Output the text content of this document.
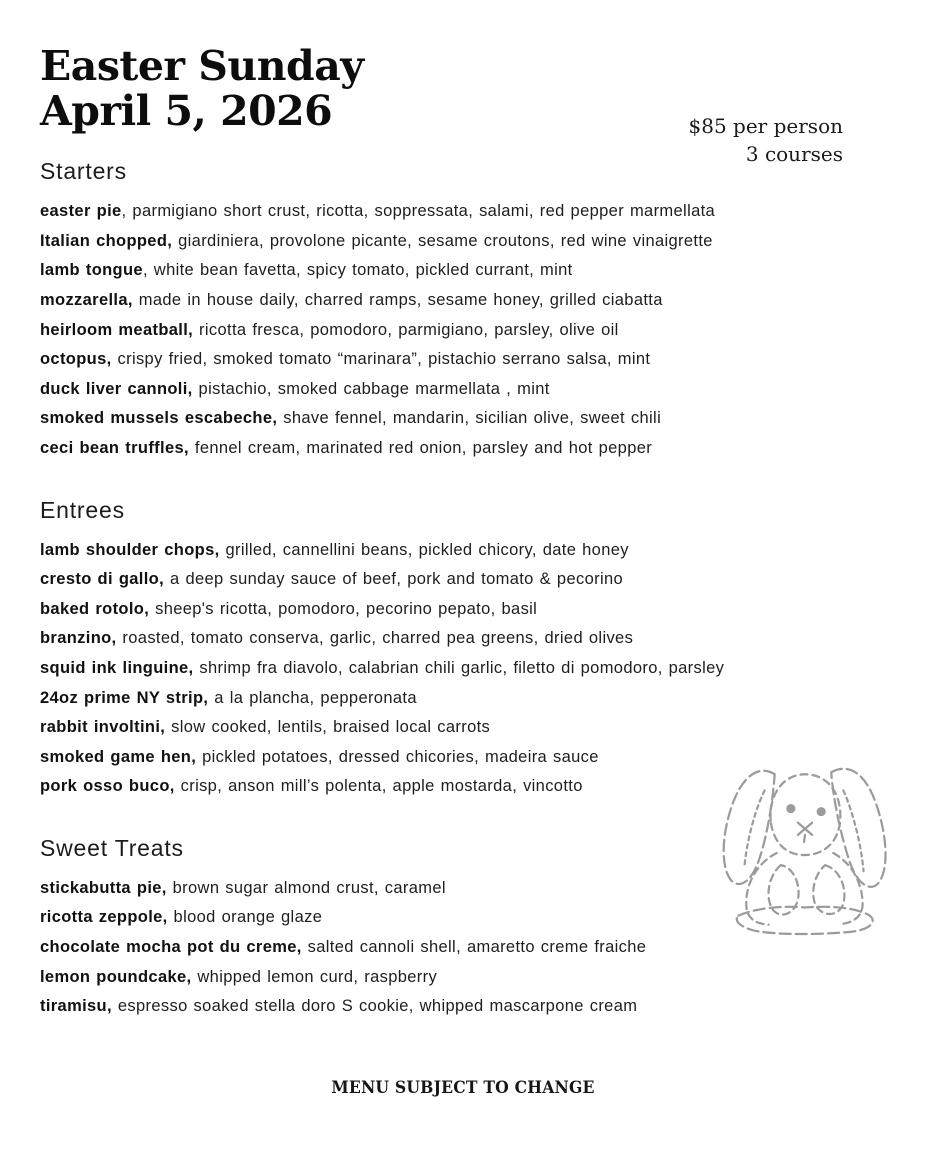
Easter Sunday
April 5, 2026	$85 per person
3 courses
Starters
easter pie, parmigiano short crust, ricotta, soppressata, salami, red pepper marmellata
Italian chopped, giardiniera, provolone picante, sesame croutons, red wine vinaigrette
lamb tongue, white bean favetta, spicy tomato, pickled currant, mint
mozzarella, made in house daily, charred ramps, sesame honey, grilled ciabatta
heirloom meatball, ricotta fresca, pomodoro, parmigiano, parsley, olive oil
octopus, crispy fried, smoked tomato “marinara”, pistachio serrano salsa, mint
duck liver cannoli, pistachio, smoked cabbage marmellata , mint
smoked mussels escabeche, shave fennel, mandarin, sicilian olive, sweet chili
ceci bean truffles, fennel cream, marinated red onion, parsley and hot pepper
Entrees
lamb shoulder chops, grilled, cannellini beans, pickled chicory, date honey
cresto di gallo, a deep sunday sauce of beef, pork and tomato & pecorino
baked rotolo, sheep's ricotta, pomodoro, pecorino pepato, basil
branzino, roasted, tomato conserva, garlic, charred pea greens, dried olives
squid ink linguine, shrimp fra diavolo, calabrian chili garlic, filetto di pomodoro, parsley
24oz prime NY strip, a la plancha, pepperonata
rabbit involtini, slow cooked, lentils, braised local carrots
smoked game hen, pickled potatoes, dressed chicories, madeira sauce
pork osso buco, crisp, anson mill’s polenta, apple mostarda, vincotto
Sweet Treats
stickabutta pie, brown sugar almond crust, caramel
ricotta zeppole, blood orange glaze
chocolate mocha pot du creme, salted cannoli shell, amaretto creme fraiche
lemon poundcake, whipped lemon curd, raspberry
tiramisu, espresso soaked stella doro S cookie, whipped mascarpone cream
MENU SUBJECT TO CHANGE
